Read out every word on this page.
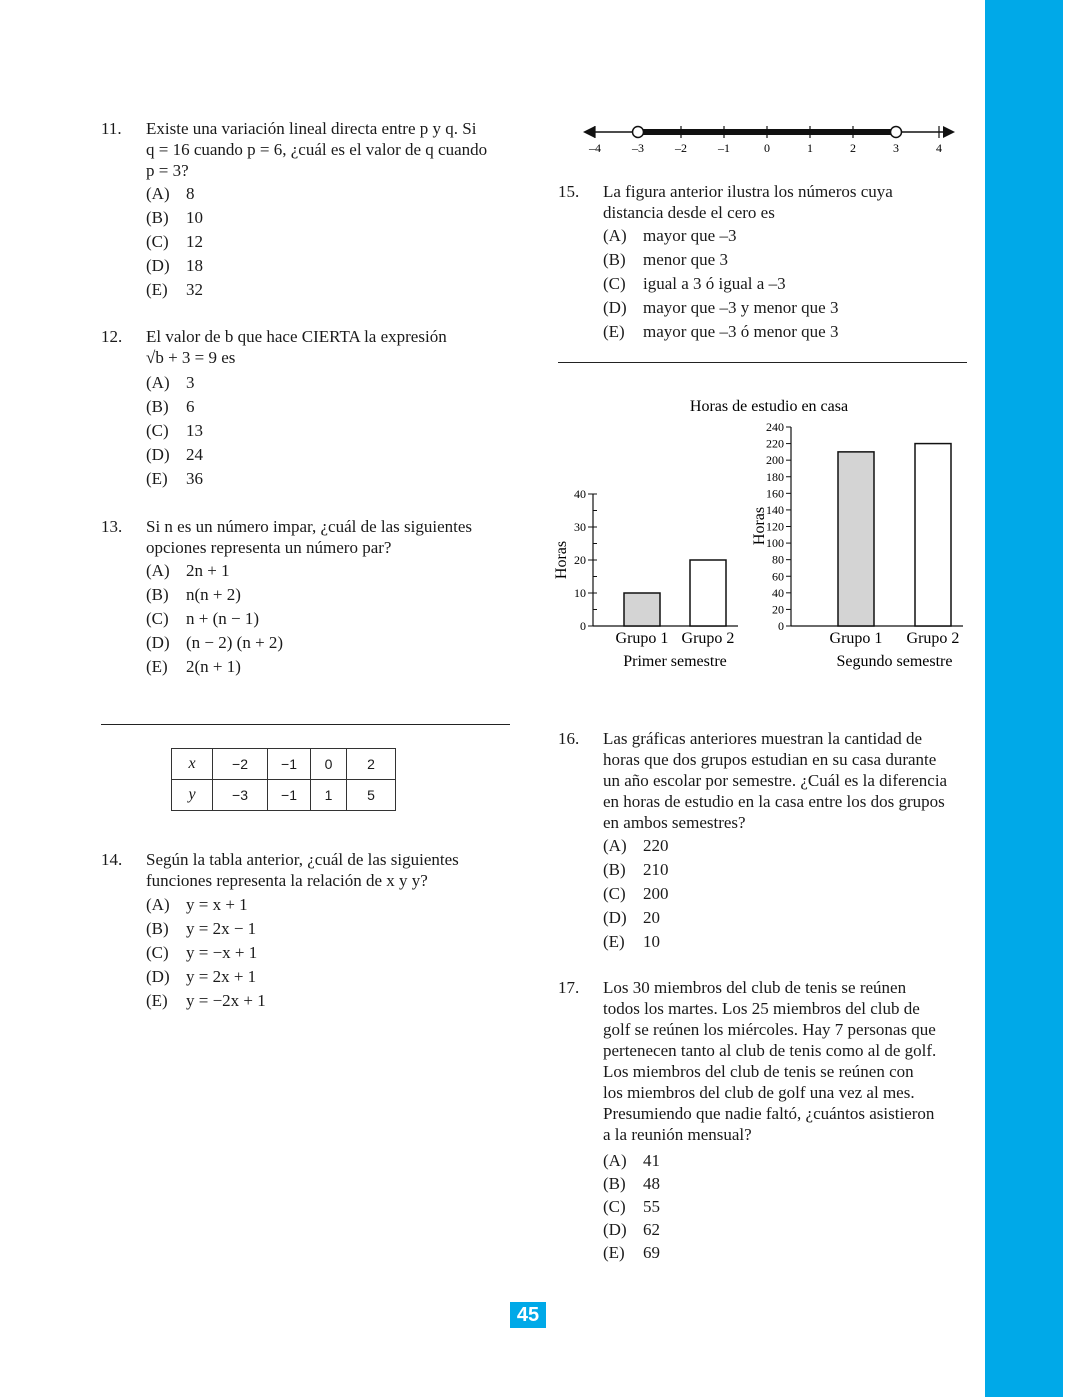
45
11. Existe una variación lineal directa entre p y q. Si
q = 16 cuando p = 6, ¿cuál es el valor de q cuando
p = 3?
(A) 8
(B) 10
(C) 12
(D) 18
(E) 32
12. El valor de b que hace CIERTA la expresión
√b + 3 = 9 es
(A) 3
(B) 6
(C) 13
(D) 24
(E) 36
13. Si n es un número impar, ¿cuál de las siguientes
opciones representa un número par?
(A) 2n + 1
(B) n(n + 2)
(C) n + (n − 1)
(D) (n − 2) (n + 2)
(E) 2(n + 1)
x	−2	−1	0	2
y	−3	−1	1	5
14. Según la tabla anterior, ¿cuál de las siguientes
funciones representa la relación de x y y?
(A) y = x + 1
(B) y = 2x − 1
(C) y = −x + 1
(D) y = 2x + 1
(E) y = −2x + 1
–4	–3	–2	–1	0	1	2	3	4
15. La figura anterior ilustra los números cuya
distancia desde el cero es
(A) mayor que –3
(B) menor que 3
(C) igual a 3 ó igual a –3
(D) mayor que –3 y menor que 3
(E) mayor que –3 ó menor que 3
Horas de estudio en casa
0
10
20
30
40
Grupo 1 Grupo 2
Primer semestre
Horas
0
20
40
60
80
100
120
140
160
180
200
220
240
Grupo 1 Grupo 2
Segundo semestre
Horas
16. Las gráficas anteriores muestran la cantidad de
horas que dos grupos estudian en su casa durante
un año escolar por semestre. ¿Cuál es la diferencia
en horas de estudio en la casa entre los dos grupos
en ambos semestres?
(A) 220
(B) 210
(C) 200
(D) 20
(E) 10
17. Los 30 miembros del club de tenis se reúnen
todos los martes. Los 25 miembros del club de
golf se reúnen los miércoles. Hay 7 personas que
pertenecen tanto al club de tenis como al de golf.
Los miembros del club de tenis se reúnen con
los miembros del club de golf una vez al mes.
Presumiendo que nadie faltó, ¿cuántos asistieron
a la reunión mensual?
(A) 41
(B) 48
(C) 55
(D) 62
(E) 69
